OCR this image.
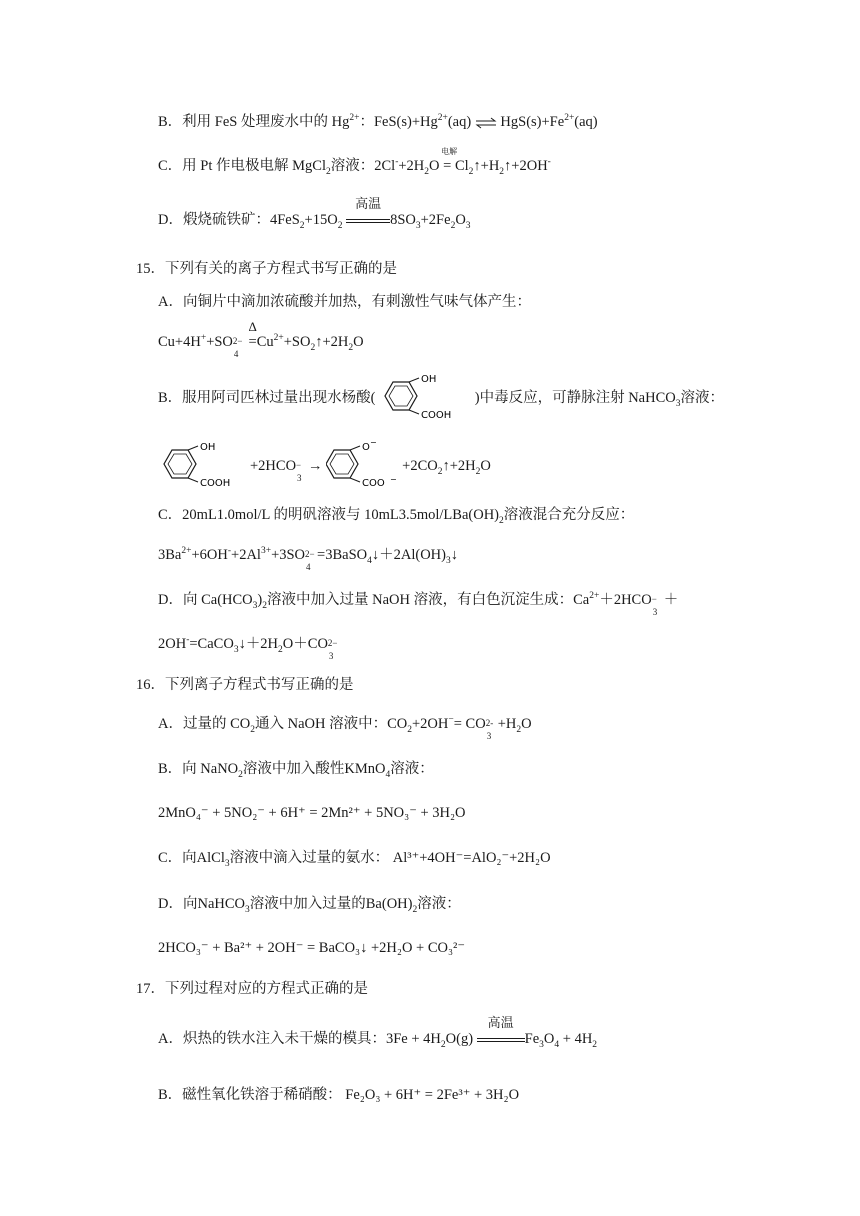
B．利用 FeS 处理废水中的 $Hg^{2+}$：$FeS(s)+Hg^{2+}(aq)$ ⇌ $HgS(s)+Fe^{2+}(aq)$
C．用 Pt 作电极电解 MgCl$_2$溶液：$2Cl^-+2H_2O$
电解
= $Cl_2↑+H_2↑+2OH^-$
D．煅烧硫铁矿：$4FeS_2+15O_2$
高温
$8SO_3+2Fe_2O_3$
15．下列有关的离子方程式书写正确的是
A．向铜片中滴加浓硫酸并加热，有刺激性气味气体产生：
Cu+4H++SO 2−
4

Δ
$=Cu^{2+}+SO_2↑+2H_2O$
B．服用阿司匹林过量出现水杨酸(
OH
COOH
)中毒反应，可静脉注射 NaHCO$_3$溶液：
OH
COOH
+2HCO −
3
→
O −
COO −
$+2CO_2↑+2H_2O$
C．20mL1.0mol/L 的明矾溶液与 $10mL3.5mol/LBa(OH)_2$溶液混合充分反应：
$3Ba^{2+}+6OH^-+2Al^{3+}+3SO$ 2−
4
$=3BaSO_4↓+2Al(OH)_3↓$
D．向 $Ca(HCO_3)_2$溶液中加入过量 NaOH 溶液，有白色沉淀生成：$Ca^{2+}+2HCO$ −
3
＋
$2OH^-=CaCO_3↓+2H_2O+CO$ 2−
3
16．下列离子方程式书写正确的是
A．过量的 $CO_2$通入 NaOH 溶液中：$CO_2+2OH^-=$ CO 2-
3
$+H_2O$
B．向 NaNO$_2$溶液中加入酸性KMnO$_4$溶液：
2MnO₄⁻ + 5NO₂⁻ + 6H⁺ = 2Mn²⁺ + 5NO₃⁻ + 3H₂O
C．向AlCl$_3$溶液中滴入过量的氨水： Al³⁺+4OH⁻=AlO₂⁻+2H₂O
D．向NaHCO$_3$溶液中加入过量的$Ba(OH)_2$溶液：
2HCO₃⁻ + Ba²⁺ + 2OH⁻ = BaCO₃↓ +2H₂O + CO₃²⁻
17．下列过程对应的方程式正确的是
A．炽热的铁水注入未干燥的模具：$3Fe + 4H_2O(g)$
高温
$Fe_3O_4 + 4H_2$
B．磁性氧化铁溶于稀硝酸： Fe₂O₃ + 6H⁺ = 2Fe³⁺ + 3H₂O
